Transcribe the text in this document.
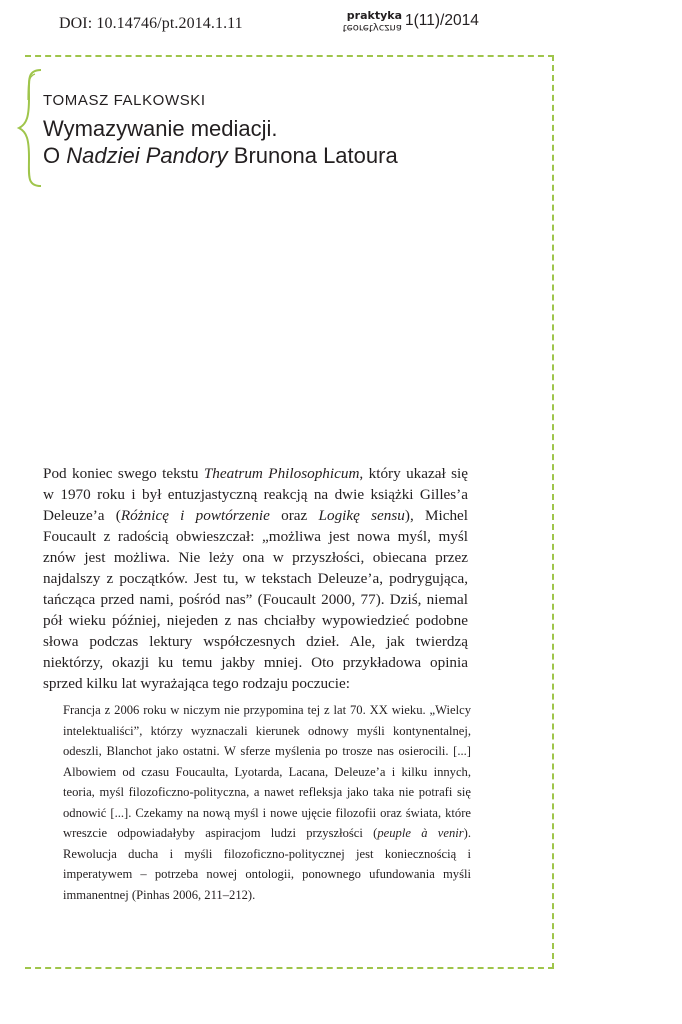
DOI: 10.14746/pt.2014.1.11	praktyka
teoretyczna 1(11)/2014
TOMASZ FALKOWSKI
Wymazywanie mediacji.
O Nadziei Pandory Brunona Latoura

Pod koniec swego tekstu Theatrum Philosophicum, który ukazał się w 1970 roku i był entuzjastyczną reakcją na dwie książki Gilles’a Deleuze’a (Różnicę i powtórzenie oraz Logikę sensu), Michel Foucault z radością obwieszczał: „możliwa jest nowa myśl, myśl znów jest możliwa. Nie leży ona w przyszłości, obiecana przez najdalszy z początków. Jest tu, w tekstach Deleuze’a, podrygująca, tańcząca przed nami, pośród nas” (Foucault 2000, 77). Dziś, niemal pół wieku później, niejeden z nas chciałby wypowiedzieć podobne słowa podczas lektury współczesnych dzieł. Ale, jak twierdzą niektórzy, okazji ku temu jakby mniej. Oto przykładowa opinia sprzed kilku lat wyrażająca tego rodzaju poczucie:

Francja z 2006 roku w niczym nie przypomina tej z lat 70. XX wieku. „Wielcy intelektualiści”, którzy wyznaczali kierunek odnowy myśli kontynentalnej, odeszli, Blanchot jako ostatni. W sferze myślenia po trosze nas osierocili. [...] Albowiem od czasu Foucaulta, Lyotarda, Lacana, Deleuze’a i kilku innych, teoria, myśl filozoficzno-polityczna, a nawet refleksja jako taka nie potrafi się odnowić [...]. Czekamy na nową myśl i nowe ujęcie filozofii oraz świata, które wreszcie odpowiadałyby aspiracjom ludzi przyszłości (peuple à venir). Rewolucja ducha i myśli filozoficzno-politycznej jest koniecznością i imperatywem – potrzeba nowej ontologii, ponownego ufundowania myśli immanentnej (Pinhas 2006, 211–212).
